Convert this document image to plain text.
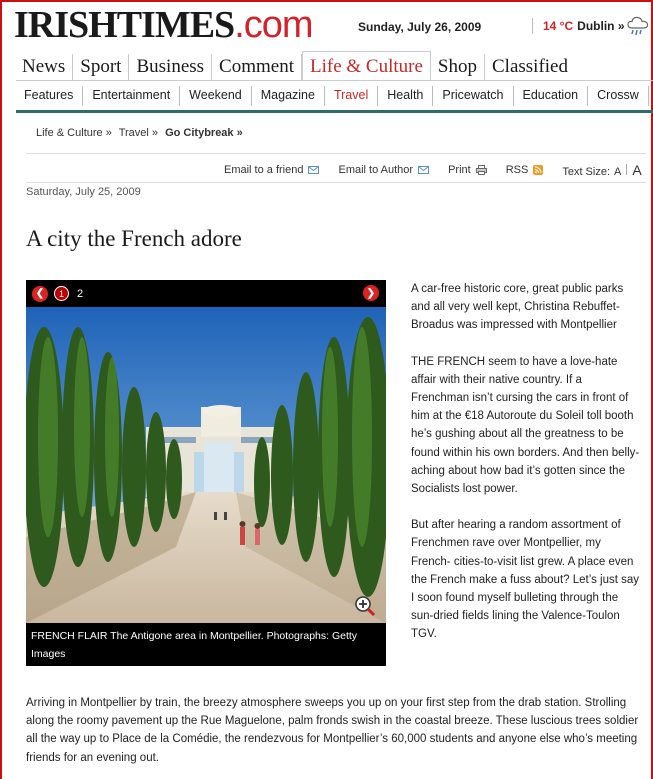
IRISHTIMES.com	Sunday, July 26, 2009	14 °C Dublin »
News Sport Business Comment Life & Culture Shop Classified
Features	Entertainment	Weekend	Magazine	Travel	Health	Pricewatch	Education	Crossw
Life & Culture » Travel » Go Citybreak »
Email to a friend	Email to Author	Print	RSS	Text Size: A A
Saturday, July 25, 2009
A city the French adore
❮	1	2	❯
FRENCH FLAIR The Antigone area in Montpellier. Photographs: Getty Images

A car-free historic core, great public parks and all very well kept, Christina Rebuffet- Broadus was impressed with Montpellier

THE FRENCH seem to have a love-hate affair with their native country. If a Frenchman isn’t cursing the cars in front of him at the €18 Autoroute du Soleil toll booth he’s gushing about all the greatness to be found within his own borders. And then belly- aching about how bad it’s gotten since the Socialists lost power.

But after hearing a random assortment of Frenchmen rave over Montpellier, my French- cities-to-visit list grew. A place even the French make a fuss about? Let’s just say I soon found myself bulleting through the sun-dried fields lining the Valence-Toulon TGV.

Arriving in Montpellier by train, the breezy atmosphere sweeps you up on your first step from the drab station. Strolling along the roomy pavement up the Rue Maguelone, palm fronds swish in the coastal breeze. These luscious trees soldier all the way up to Place de la Comédie, the rendezvous for Montpellier’s 60,000 students and anyone else who’s meeting friends for an evening out.
